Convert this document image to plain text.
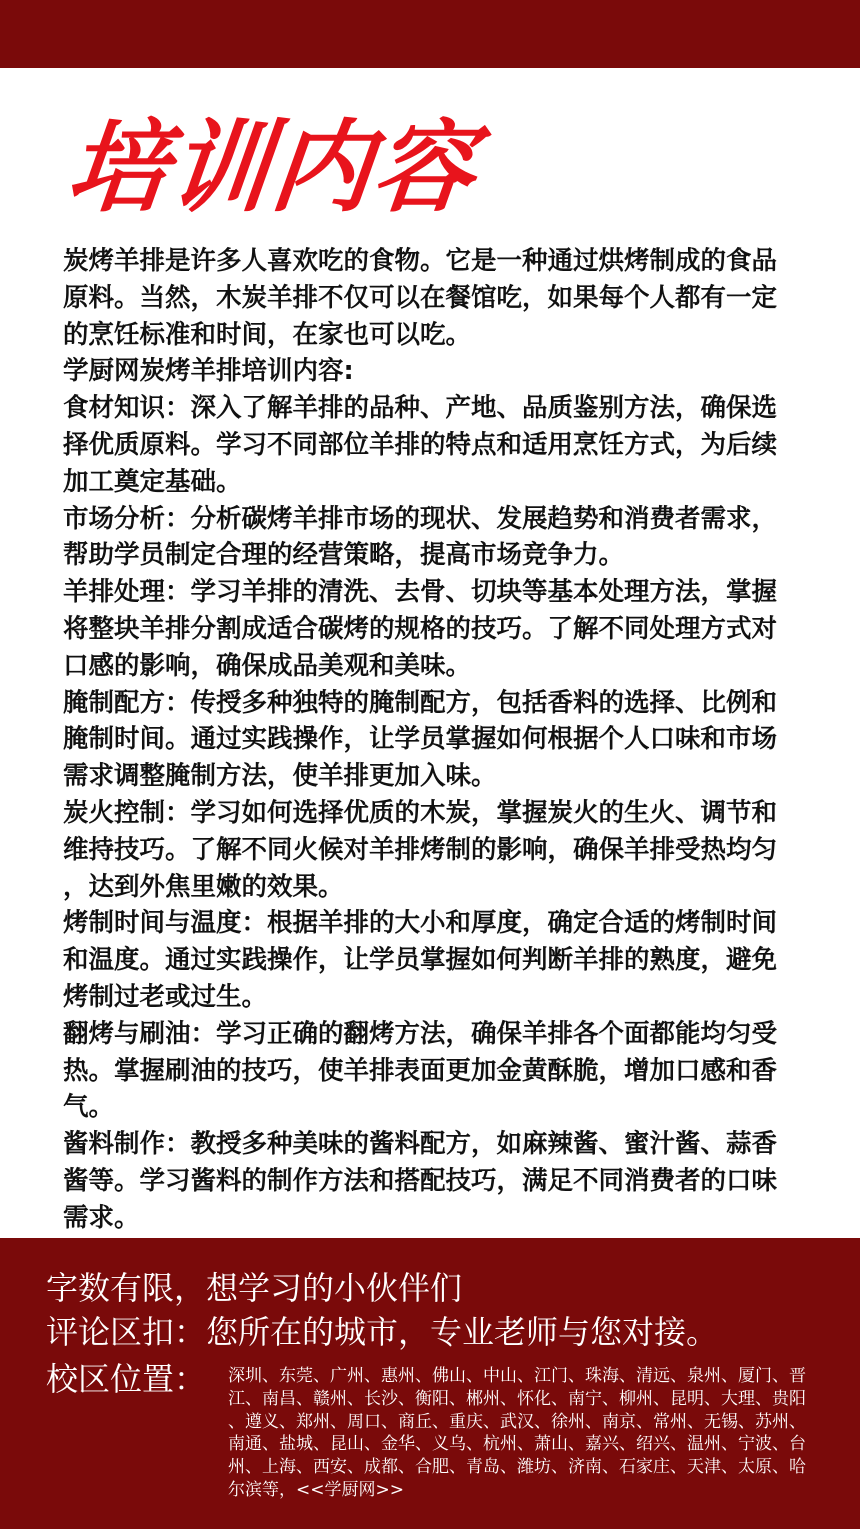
培训内容

炭烤羊排是许多人喜欢吃的食物。它是一种通过烘烤制成的食品原料。当然，木炭羊排不仅可以在餐馆吃，如果每个人都有一定的烹饪标准和时间，在家也可以吃。

学厨网炭烤羊排培训内容:

食材知识：深入了解羊排的品种、产地、品质鉴别方法，确保选择优质原料。学习不同部位羊排的特点和适用烹饪方式，为后续加工奠定基础。

市场分析：分析碳烤羊排市场的现状、发展趋势和消费者需求，帮助学员制定合理的经营策略，提高市场竞争力。

羊排处理：学习羊排的清洗、去骨、切块等基本处理方法，掌握将整块羊排分割成适合碳烤的规格的技巧。了解不同处理方式对口感的影响，确保成品美观和美味。

腌制配方：传授多种独特的腌制配方，包括香料的选择、比例和腌制时间。通过实践操作，让学员掌握如何根据个人口味和市场需求调整腌制方法，使羊排更加入味。

炭火控制：学习如何选择优质的木炭，掌握炭火的生火、调节和维持技巧。了解不同火候对羊排烤制的影响，确保羊排受热均匀，达到外焦里嫩的效果。

烤制时间与温度：根据羊排的大小和厚度，确定合适的烤制时间和温度。通过实践操作，让学员掌握如何判断羊排的熟度，避免烤制过老或过生。

翻烤与刷油：学习正确的翻烤方法，确保羊排各个面都能均匀受热。掌握刷油的技巧，使羊排表面更加金黄酥脆，增加口感和香气。

酱料制作：教授多种美味的酱料配方，如麻辣酱、蜜汁酱、蒜香酱等。学习酱料的制作方法和搭配技巧，满足不同消费者的口味需求。

字数有限，想学习的小伙伴们

评论区扣：您所在的城市，专业老师与您对接。

校区位置： 深圳、东莞、广州、惠州、佛山、中山、江门、珠海、清远、泉州、厦门、晋江、南昌、赣州、长沙、衡阳、郴州、怀化、南宁、柳州、昆明、大理、贵阳、遵义、郑州、周口、商丘、重庆、武汉、徐州、南京、常州、无锡、苏州、南通、盐城、昆山、金华、义乌、杭州、萧山、嘉兴、绍兴、温州、宁波、台州、上海、西安、成都、合肥、青岛、潍坊、济南、石家庄、天津、太原、哈尔滨等，<<学厨网>>
